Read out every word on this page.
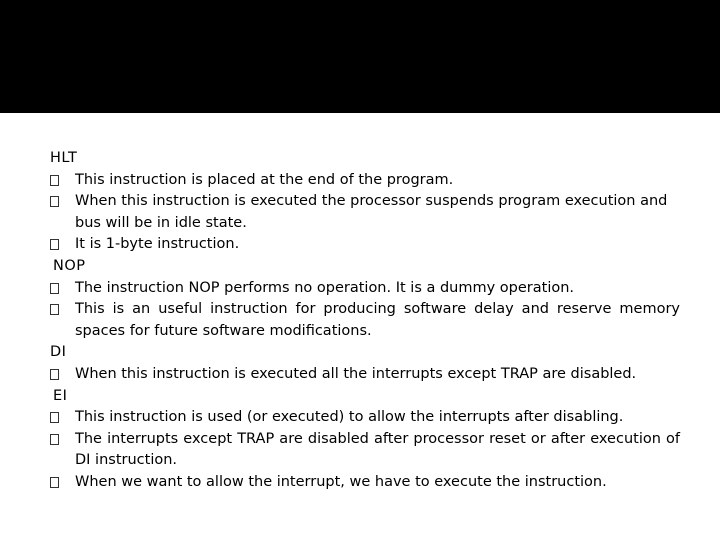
HLT
This instruction is placed at the end of the program.
When this instruction is executed the processor suspends program execution and bus will be in idle state.
It is 1-byte instruction.
NOP
The instruction NOP performs no operation. It is a dummy operation.
This is an useful instruction for producing software delay and reserve memory spaces for future software modifications.
DI
When this instruction is executed all the interrupts except TRAP are disabled.
EI
This instruction is used (or executed) to allow the interrupts after disabling.
The interrupts except TRAP are disabled after processor reset or after execution of DI instruction.
When we want to allow the interrupt, we have to execute the instruction.
